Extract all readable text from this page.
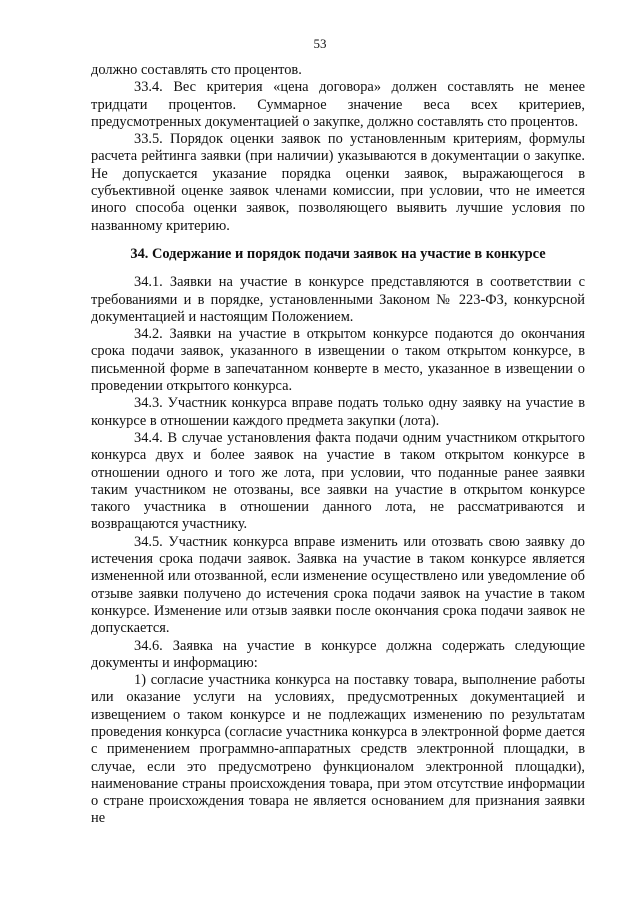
53

должно составлять сто процентов.

33.4. Вес критерия «цена договора» должен составлять не менее тридцати процентов. Суммарное значение веса всех критериев, предусмотренных документацией о закупке, должно составлять сто процентов.

33.5. Порядок оценки заявок по установленным критериям, формулы расчета рейтинга заявки (при наличии) указываются в документации о закупке. Не допускается указание порядка оценки заявок, выражающегося в субъективной оценке заявок членами комиссии, при условии, что не имеется иного способа оценки заявок, позволяющего выявить лучшие условия по названному критерию.

34. Содержание и порядок подачи заявок на участие в конкурсе

34.1. Заявки на участие в конкурсе представляются в соответствии с требованиями и в порядке, установленными Законом № 223-ФЗ, конкурсной документацией и настоящим Положением.

34.2. Заявки на участие в открытом конкурсе подаются до окончания срока подачи заявок, указанного в извещении о таком открытом конкурсе, в письменной форме в запечатанном конверте в место, указанное в извещении о проведении открытого конкурса.

34.3. Участник конкурса вправе подать только одну заявку на участие в конкурсе в отношении каждого предмета закупки (лота).

34.4. В случае установления факта подачи одним участником открытого конкурса двух и более заявок на участие в таком открытом конкурсе в отношении одного и того же лота, при условии, что поданные ранее заявки таким участником не отозваны, все заявки на участие в открытом конкурсе такого участника в отношении данного лота, не рассматриваются и возвращаются участнику.

34.5. Участник конкурса вправе изменить или отозвать свою заявку до истечения срока подачи заявок. Заявка на участие в таком конкурсе является измененной или отозванной, если изменение осуществлено или уведомление об отзыве заявки получено до истечения срока подачи заявок на участие в таком конкурсе. Изменение или отзыв заявки после окончания срока подачи заявок не допускается.

34.6. Заявка на участие в конкурсе должна содержать следующие документы и информацию:

1) согласие участника конкурса на поставку товара, выполнение работы или оказание услуги на условиях, предусмотренных документацией и извещением о таком конкурсе и не подлежащих изменению по результатам проведения конкурса (согласие участника конкурса в электронной форме дается с применением программно-аппаратных средств электронной площадки, в случае, если это предусмотрено функционалом электронной площадки), наименование страны происхождения товара, при этом отсутствие информации о стране происхождения товара не является основанием для признания заявки не
